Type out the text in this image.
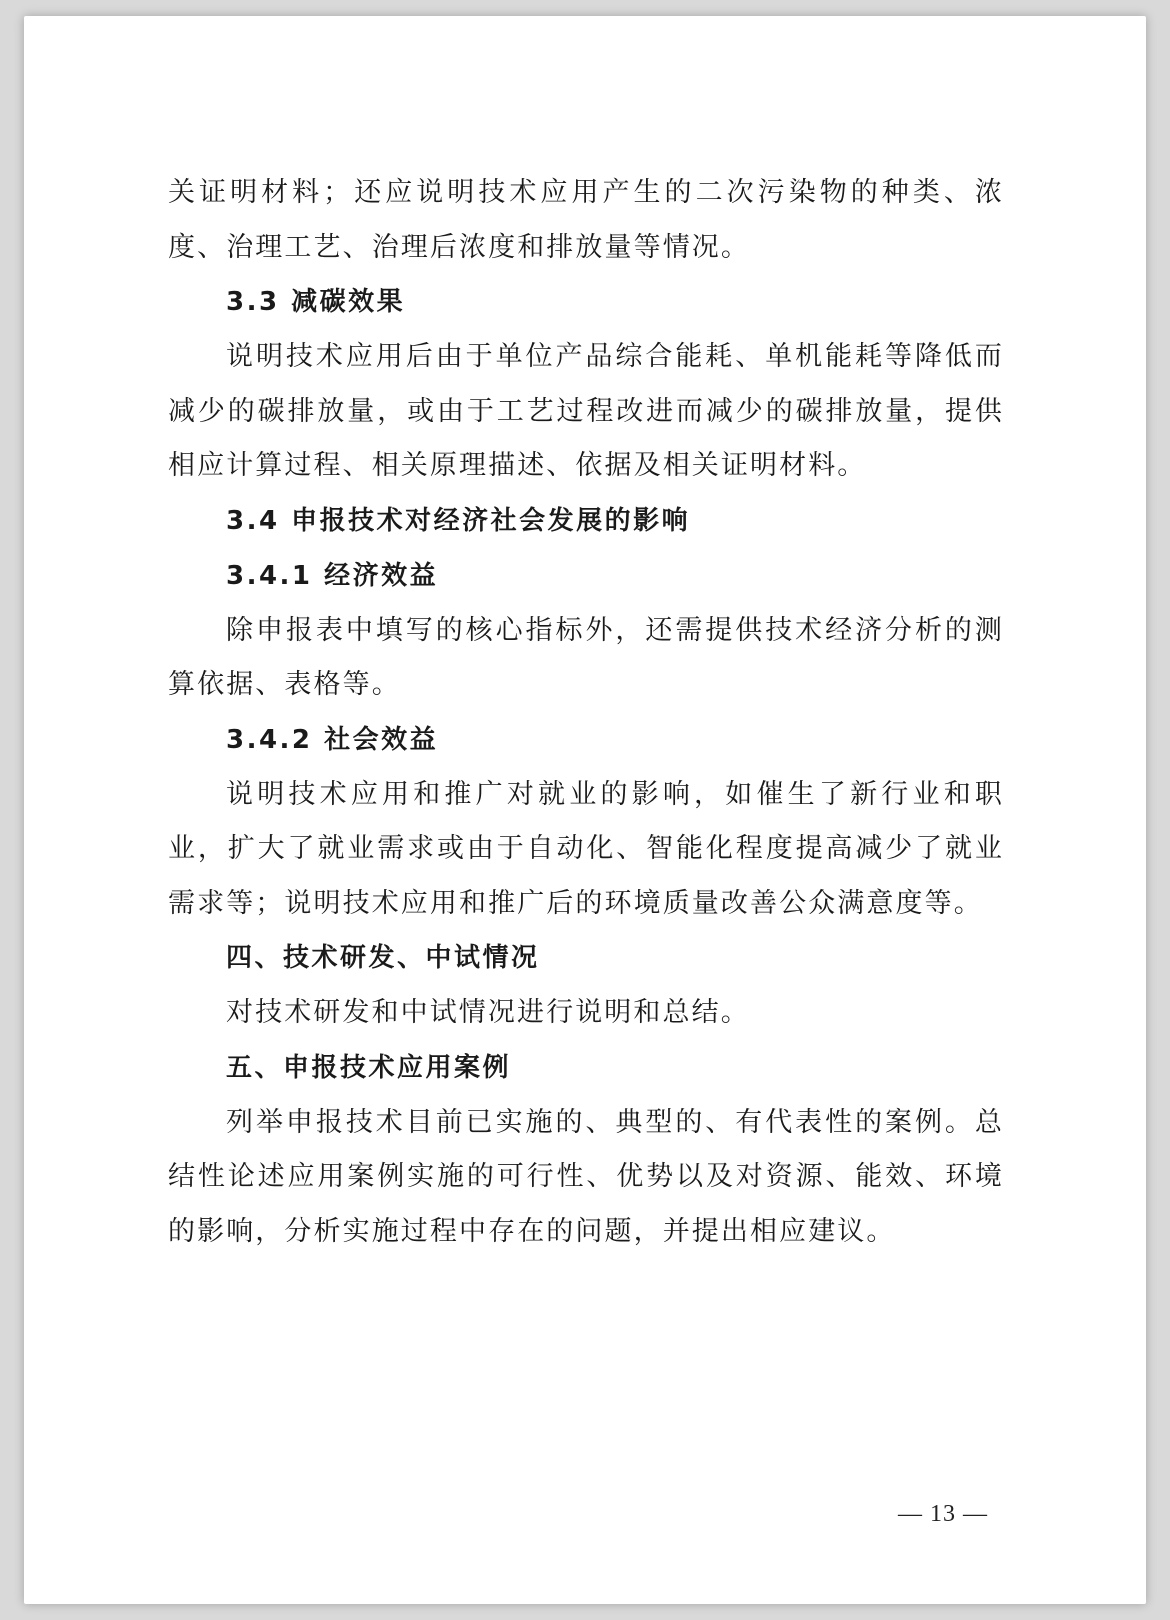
关证明材料；还应说明技术应用产生的二次污染物的种类、浓度、治理工艺、治理后浓度和排放量等情况。

3.3 减碳效果

说明技术应用后由于单位产品综合能耗、单机能耗等降低而减少的碳排放量，或由于工艺过程改进而减少的碳排放量，提供相应计算过程、相关原理描述、依据及相关证明材料。

3.4 申报技术对经济社会发展的影响

3.4.1 经济效益

除申报表中填写的核心指标外，还需提供技术经济分析的测算依据、表格等。

3.4.2 社会效益

说明技术应用和推广对就业的影响，如催生了新行业和职业，扩大了就业需求或由于自动化、智能化程度提高减少了就业需求等；说明技术应用和推广后的环境质量改善公众满意度等。

四、技术研发、中试情况

对技术研发和中试情况进行说明和总结。

五、申报技术应用案例

列举申报技术目前已实施的、典型的、有代表性的案例。总结性论述应用案例实施的可行性、优势以及对资源、能效、环境的影响，分析实施过程中存在的问题，并提出相应建议。

— 13 —
